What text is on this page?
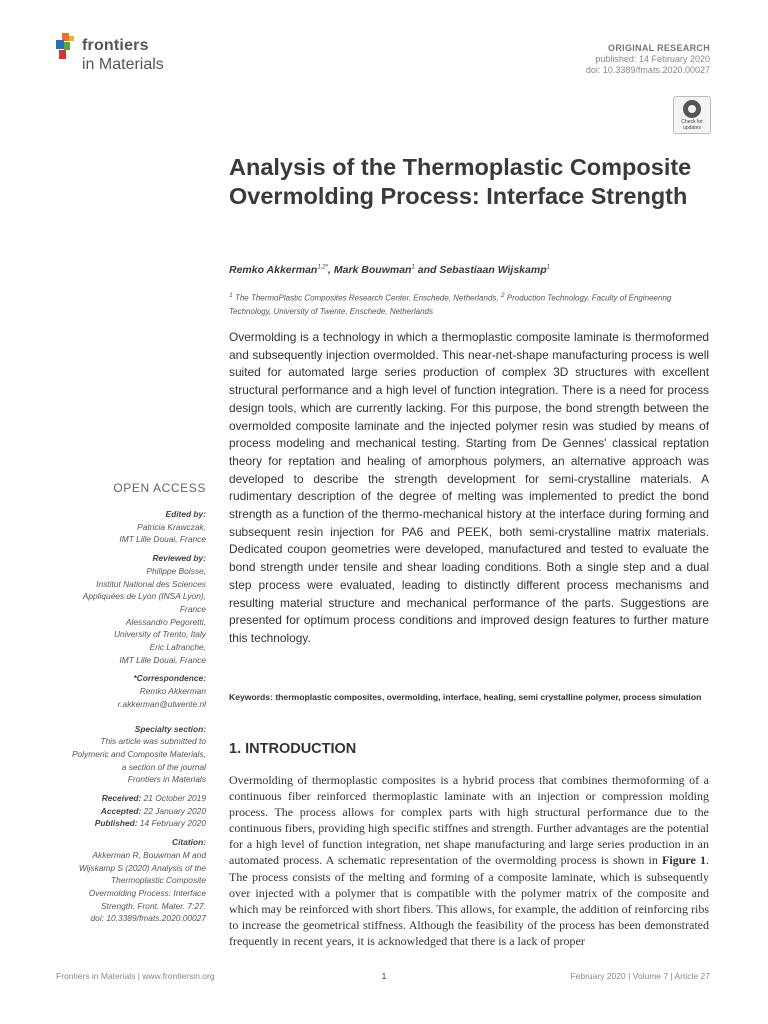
frontiers
in Materials
ORIGINAL RESEARCH
published: 14 February 2020
doi: 10.3389/fmats.2020.00027
Check for updates
Analysis of the Thermoplastic Composite Overmolding Process: Interface Strength
Remko Akkerman$^{1,2*}$, Mark Bouwman$^1$ and Sebastiaan Wijskamp$^1$
$^1$ The ThermoPlastic Composites Research Center, Enschede, Netherlands, $^2$ Production Technology, Faculty of Engineering Technology, University of Twente, Enschede, Netherlands
Overmolding is a technology in which a thermoplastic composite laminate is thermoformed and subsequently injection overmolded. This near-net-shape manufacturing process is well suited for automated large series production of complex 3D structures with excellent structural performance and a high level of function integration. There is a need for process design tools, which are currently lacking. For this purpose, the bond strength between the overmolded composite laminate and the injected polymer resin was studied by means of process modeling and mechanical testing. Starting from De Gennes' classical reptation theory for reptation and healing of amorphous polymers, an alternative approach was developed to describe the strength development for semi-crystalline materials. A rudimentary description of the degree of melting was implemented to predict the bond strength as a function of the thermo-mechanical history at the interface during forming and subsequent resin injection for PA6 and PEEK, both semi-crystalline matrix materials. Dedicated coupon geometries were developed, manufactured and tested to evaluate the bond strength under tensile and shear loading conditions. Both a single step and a dual step process were evaluated, leading to distinctly different process mechanisms and resulting material structure and mechanical performance of the parts. Suggestions are presented for optimum process conditions and improved design features to further mature this technology.
Keywords: thermoplastic composites, overmolding, interface, healing, semi crystalline polymer, process simulation
OPEN ACCESS
Edited by:
Patricia Krawczak,
IMT Lille Douai, France
Reviewed by:
Philippe Boisse,
Institut National des Sciences
Appliquées de Lyon (INSA Lyon),
France
Alessandro Pegoretti,
University of Trento, Italy
Eric Lafranche,
IMT Lille Douai, France
*Correspondence:
Remko Akkerman
r.akkerman@utwente.nl
Specialty section:
This article was submitted to
Polymeric and Composite Materials,
a section of the journal
Frontiers in Materials
Received: 21 October 2019
Accepted: 22 January 2020
Published: 14 February 2020
Citation:
Akkerman R, Bouwman M and
Wijskamp S (2020) Analysis of the
Thermoplastic Composite
Overmolding Process: Interface
Strength. Front. Mater. 7:27.
doi: 10.3389/fmats.2020.00027
1. INTRODUCTION
Overmolding of thermoplastic composites is a hybrid process that combines thermoforming of a continuous fiber reinforced thermoplastic laminate with an injection or compression molding process. The process allows for complex parts with high structural performance due to the continuous fibers, providing high specific stiffnes and strength. Further advantages are the potential for a high level of function integration, net shape manufacturing and large series production in an automated process. A schematic representation of the overmolding process is shown in Figure 1. The process consists of the melting and forming of a composite laminate, which is subsequently over injected with a polymer that is compatible with the polymer matrix of the composite and which may be reinforced with short fibers. This allows, for example, the addition of reinforcing ribs to increase the geometrical stiffness. Although the feasibility of the process has been demonstrated frequently in recent years, it is acknowledged that there is a lack of proper
Frontiers in Materials | www.frontiersin.org	1	February 2020 | Volume 7 | Article 27
